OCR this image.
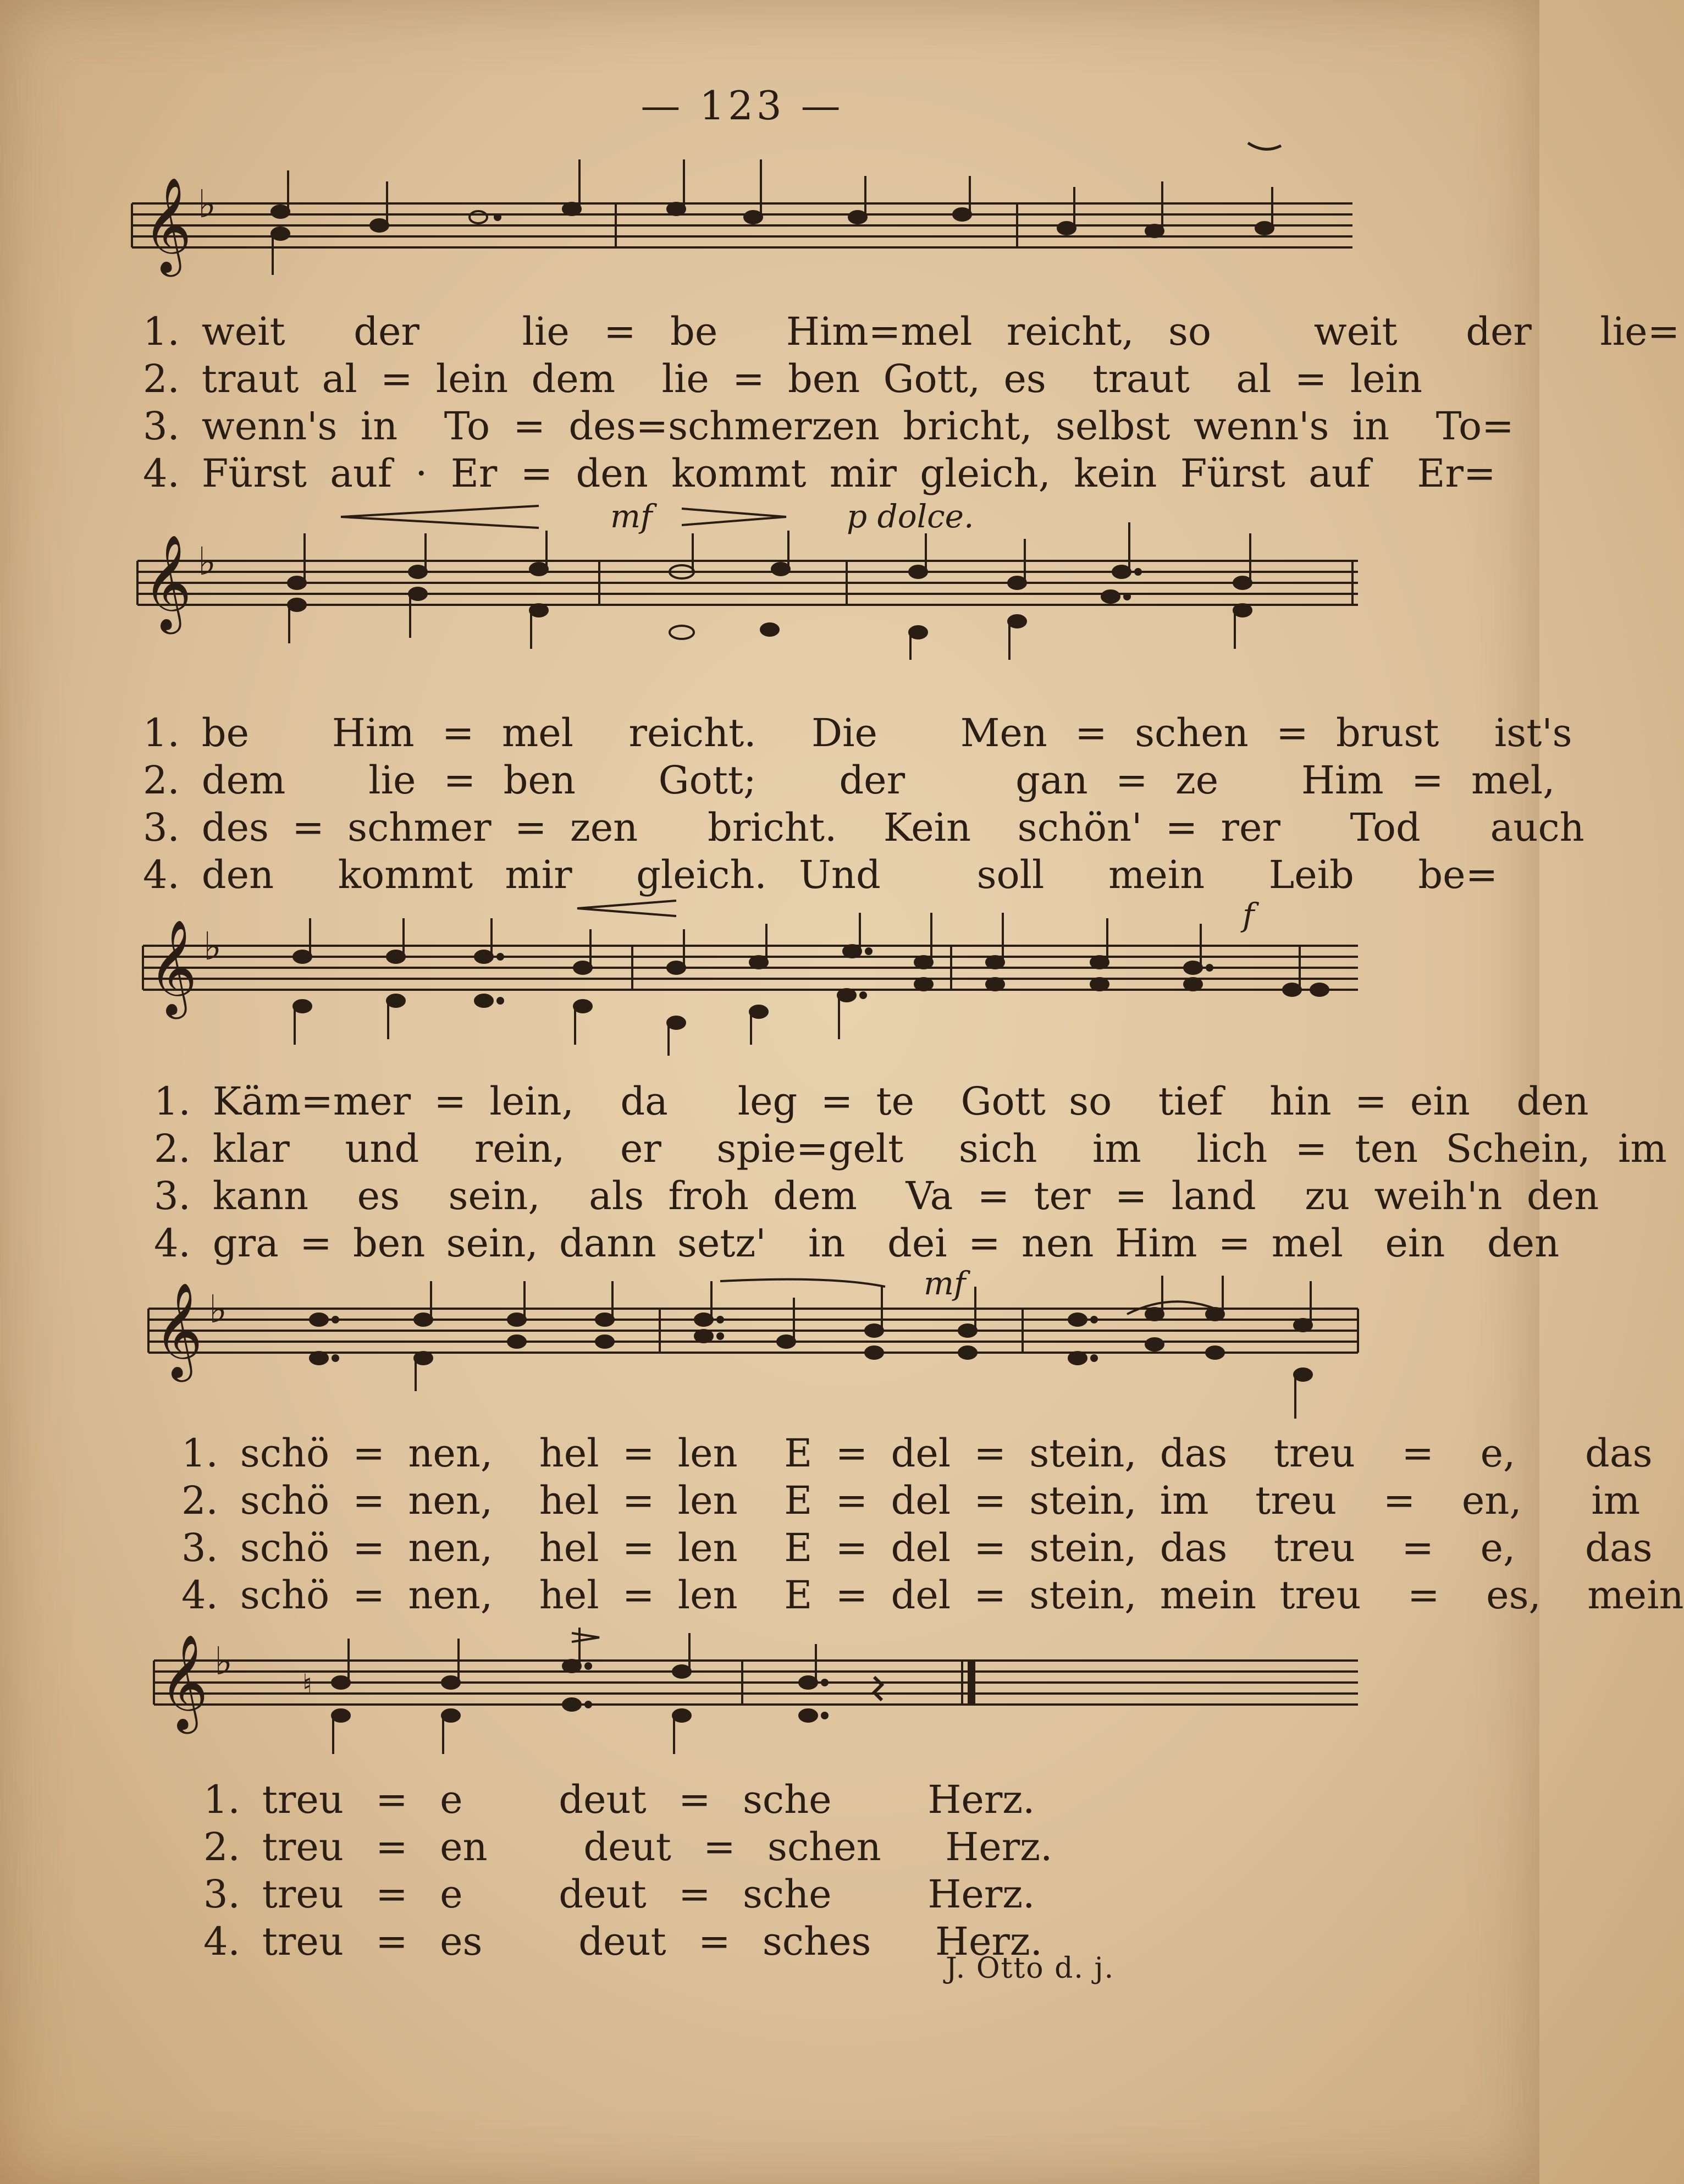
— 123 —
𝄞 ♭
1. weit der	lie = be Him=mel reicht, so	weit der lie=
2. traut al = lein dem lie = ben Gott, es traut al = lein
3. wenn's in To = des=schmerzen bricht, selbst wenn's in To=
4. Fürst auf · Er = den kommt mir gleich, kein Fürst auf Er=
mf	p dolce.
𝄞 ♭
1. be Him = mel reicht. Die Men = schen = brust ist's
2. dem lie = ben Gott; der	gan = ze Him = mel,
3. des = schmer = zen bricht. Kein schön' = rer Tod auch
4. den kommt mir gleich. Und soll mein Leib be=
f
𝄞 ♭
1. Käm=mer = lein, da leg = te Gott so tief hin = ein den
2. klar und rein, er spie=gelt sich im lich = ten Schein, im
3. kann es sein, als froh dem Va = ter = land zu weih'n den
4. gra = ben sein, dann setz' in dei = nen Him = mel ein den
mf
𝄞 ♭
1. schö = nen, hel = len E = del = stein, das treu = e, das
2. schö = nen, hel = len E = del = stein, im treu = en, im
3. schö = nen, hel = len E = del = stein, das treu = e, das
4. schö = nen, hel = len E = del = stein, mein treu = es, mein
𝄞 ♭
♮
1. treu = e deut = sche Herz.
2. treu = en deut = schen Herz.
3. treu = e deut = sche Herz.
4. treu = es deut = sches Herz.
J. Otto d. j.
